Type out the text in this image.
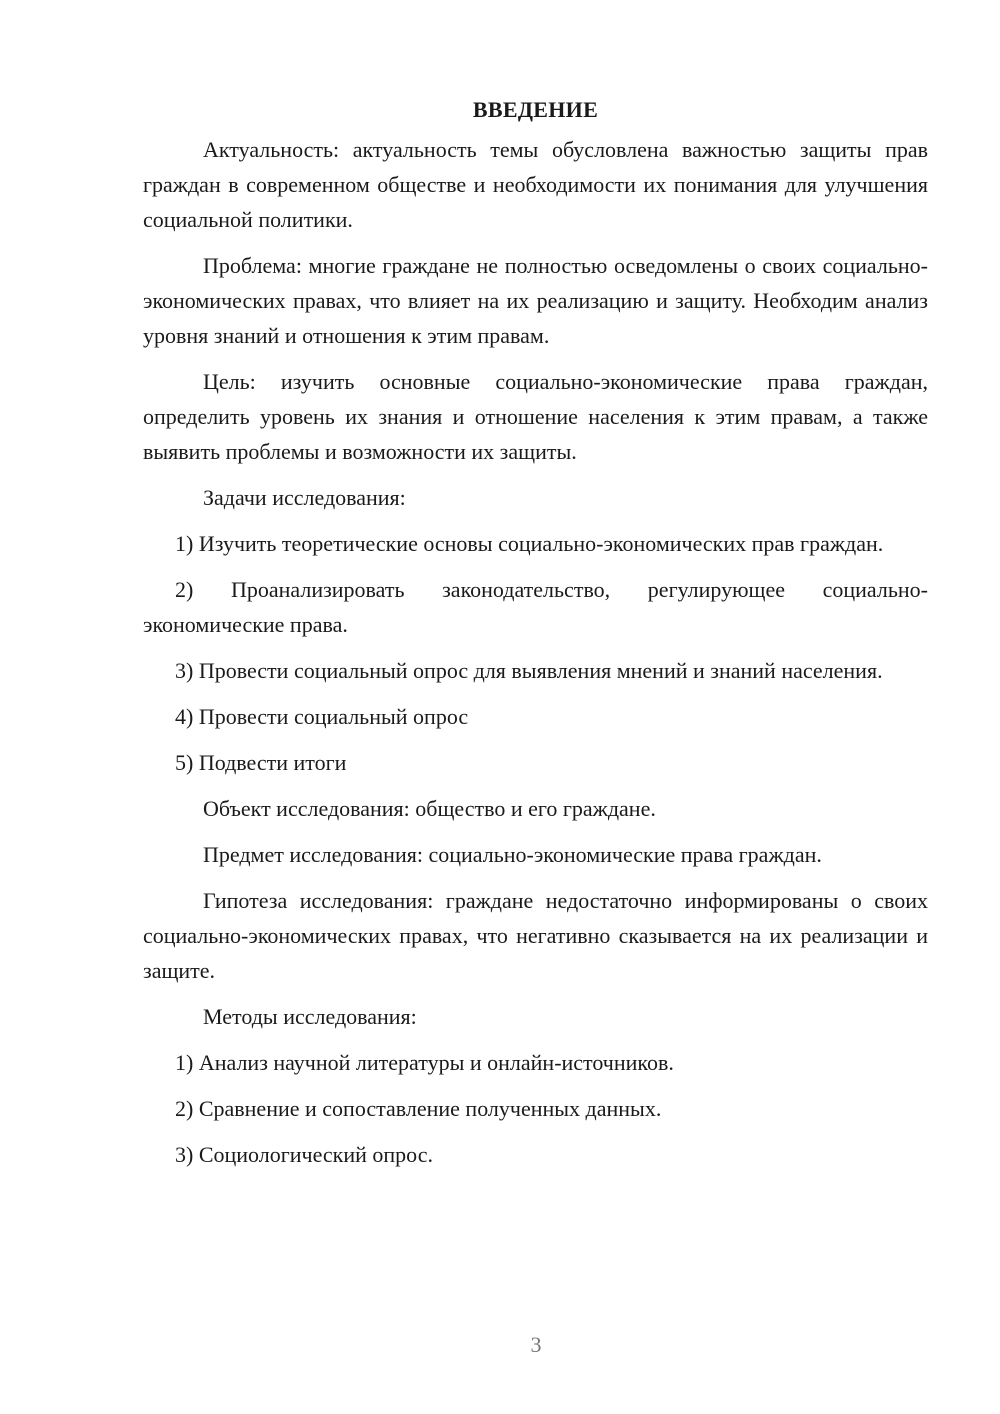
ВВЕДЕНИЕ

Актуальность: актуальность темы обусловлена важностью защиты прав граждан в современном обществе и необходимости их понимания для улучшения социальной политики.

Проблема: многие граждане не полностью осведомлены о своих социально-экономических правах, что влияет на их реализацию и защиту. Необходим анализ уровня знаний и отношения к этим правам.

Цель: изучить основные социально-экономические права граждан, определить уровень их знания и отношение населения к этим правам, а также выявить проблемы и возможности их защиты.

Задачи исследования:

1) Изучить теоретические основы социально-экономических прав граждан.

2) Проанализировать законодательство, регулирующее социально-экономические права.

3) Провести социальный опрос для выявления мнений и знаний населения.

4) Провести социальный опрос

5) Подвести итоги

Объект исследования: общество и его граждане.

Предмет исследования: социально-экономические права граждан.

Гипотеза исследования: граждане недостаточно информированы о своих социально-экономических правах, что негативно сказывается на их реализации и защите.

Методы исследования:

1) Анализ научной литературы и онлайн-источников.

2) Сравнение и сопоставление полученных данных.

3) Социологический опрос.

3
